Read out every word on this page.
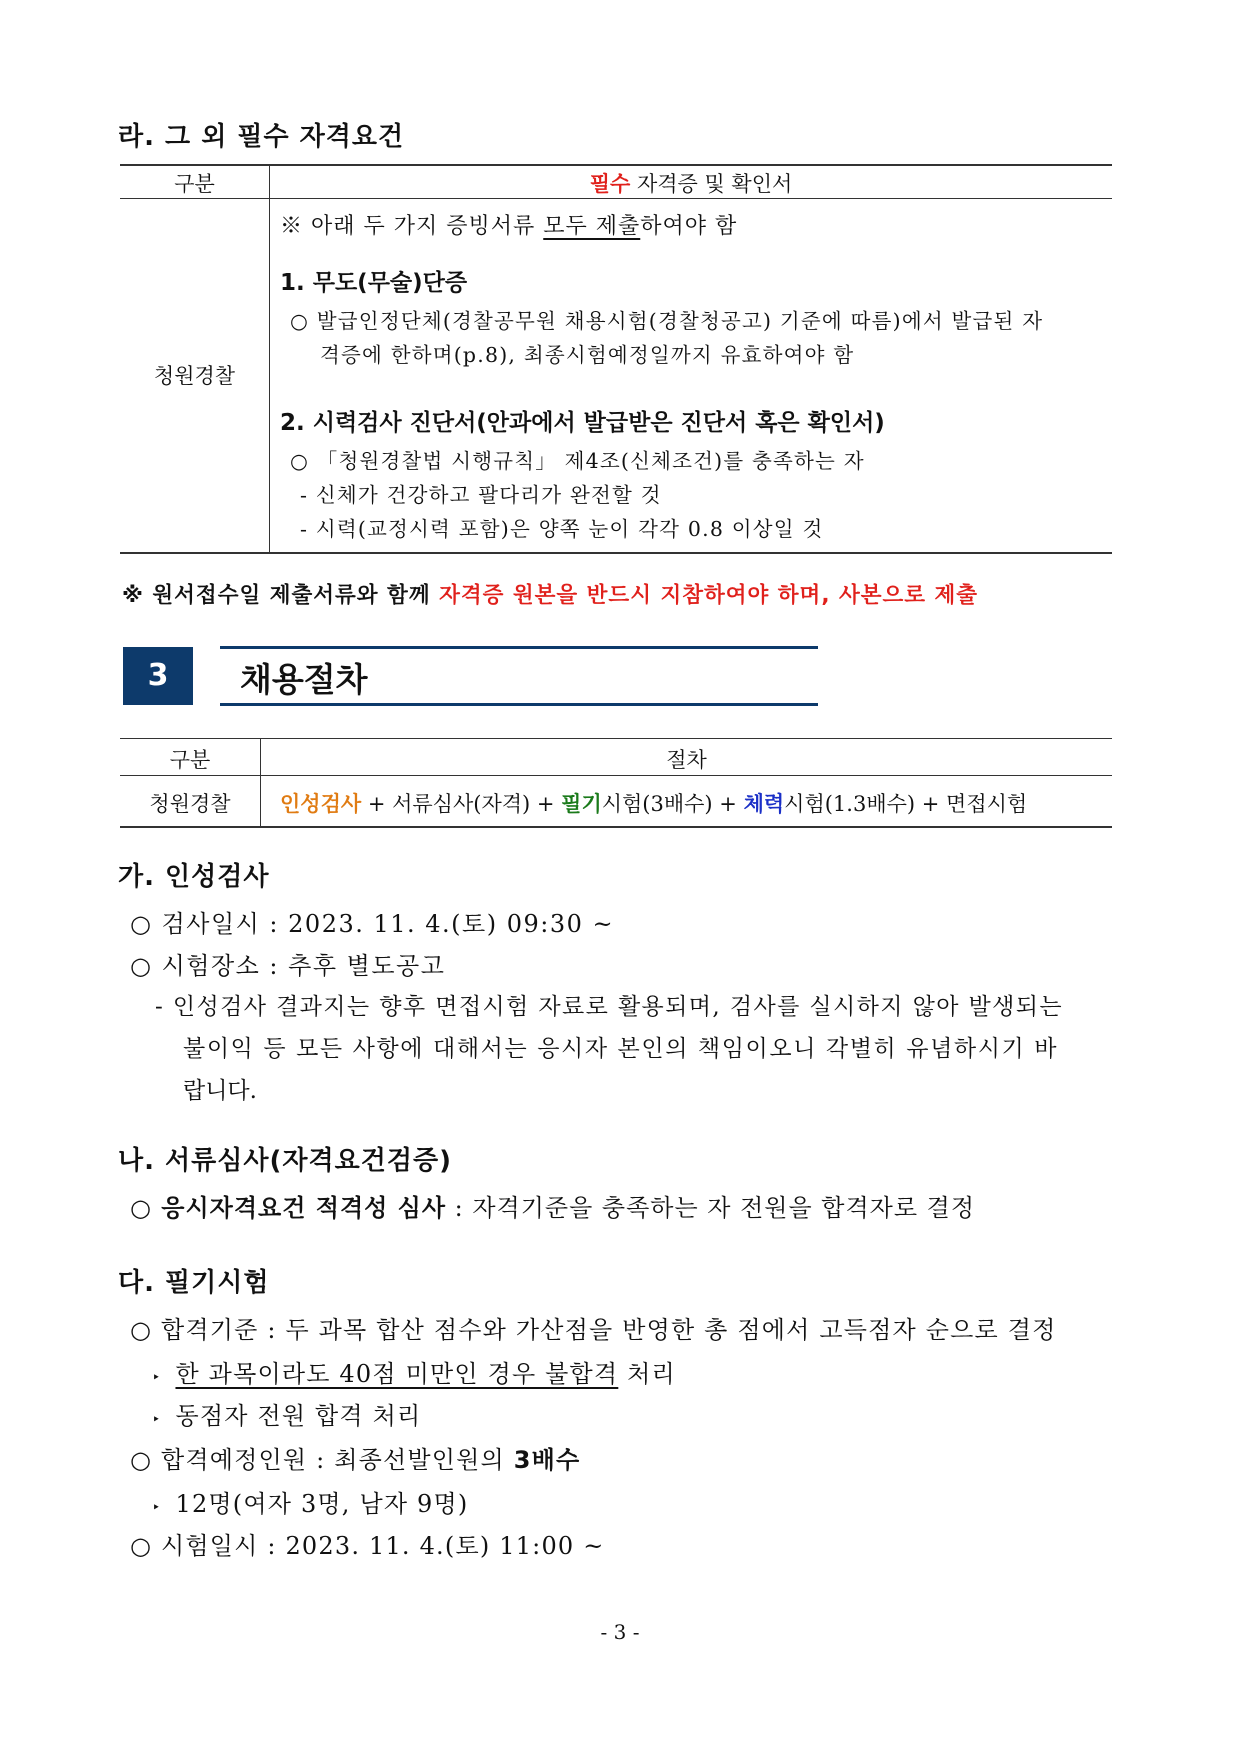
라. 그 외 필수 자격요건
구분	필수 자격증 및 확인서
청원경찰
※ 아래 두 가지 증빙서류 모두 제출하여야 함
1. 무도(무술)단증
○ 발급인정단체(경찰공무원 채용시험(경찰청공고) 기준에 따름)에서 발급된 자
격증에 한하며(p.8), 최종시험예정일까지 유효하여야 함
2. 시력검사 진단서(안과에서 발급받은 진단서 혹은 확인서)
○ 「청원경찰법 시행규칙」 제4조(신체조건)를 충족하는 자
- 신체가 건강하고 팔다리가 완전할 것
- 시력(교정시력 포함)은 양쪽 눈이 각각 0.8 이상일 것
※ 원서접수일 제출서류와 함께 자격증 원본을 반드시 지참하여야 하며, 사본으로 제출
3	채용절차
구분	절차
청원경찰	인성검사 + 서류심사(자격) + 필기시험(3배수) + 체력시험(1.3배수) + 면접시험
가. 인성검사
○ 검사일시 : 2023. 11. 4.(토) 09:30 ~
○ 시험장소 : 추후 별도공고
- 인성검사 결과지는 향후 면접시험 자료로 활용되며, 검사를 실시하지 않아 발생되는
불이익 등 모든 사항에 대해서는 응시자 본인의 책임이오니 각별히 유념하시기 바
랍니다.
나. 서류심사(자격요건검증)
○ 응시자격요건 적격성 심사 : 자격기준을 충족하는 자 전원을 합격자로 결정
다. 필기시험
○ 합격기준 : 두 과목 합산 점수와 가산점을 반영한 총 점에서 고득점자 순으로 결정
‣ 한 과목이라도 40점 미만인 경우 불합격 처리
‣ 동점자 전원 합격 처리
○ 합격예정인원 : 최종선발인원의 3배수
‣ 12명(여자 3명, 남자 9명)
○ 시험일시 : 2023. 11. 4.(토) 11:00 ~
- 3 -
